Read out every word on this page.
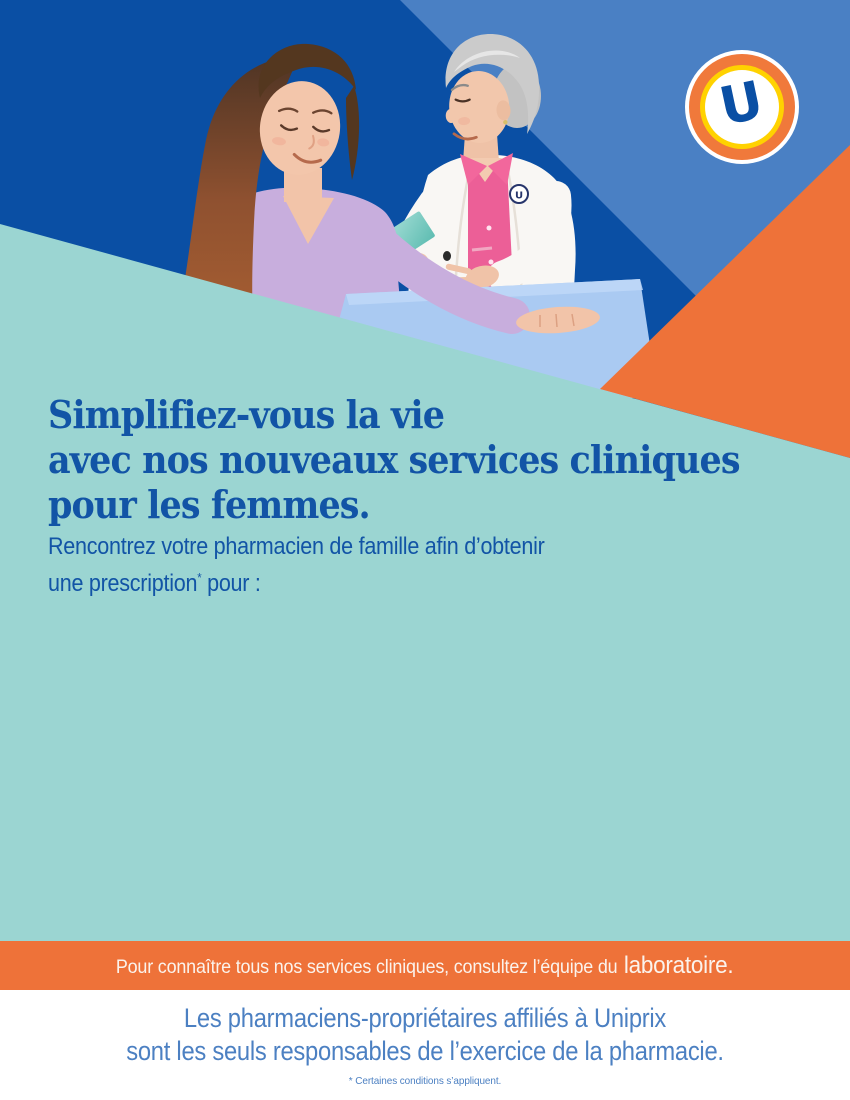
U
U
Simplifiez-vous la vie
avec nos nouveaux services cliniques
pour les femmes.
Rencontrez votre pharmacien de famille afin d’obtenir
une prescription* pour :
Pour connaître tous nos services cliniques, consultez l’équipe du laboratoire.
Les pharmaciens-propriétaires affiliés à Uniprix
sont les seuls responsables de l’exercice de la pharmacie.
* Certaines conditions s’appliquent.
